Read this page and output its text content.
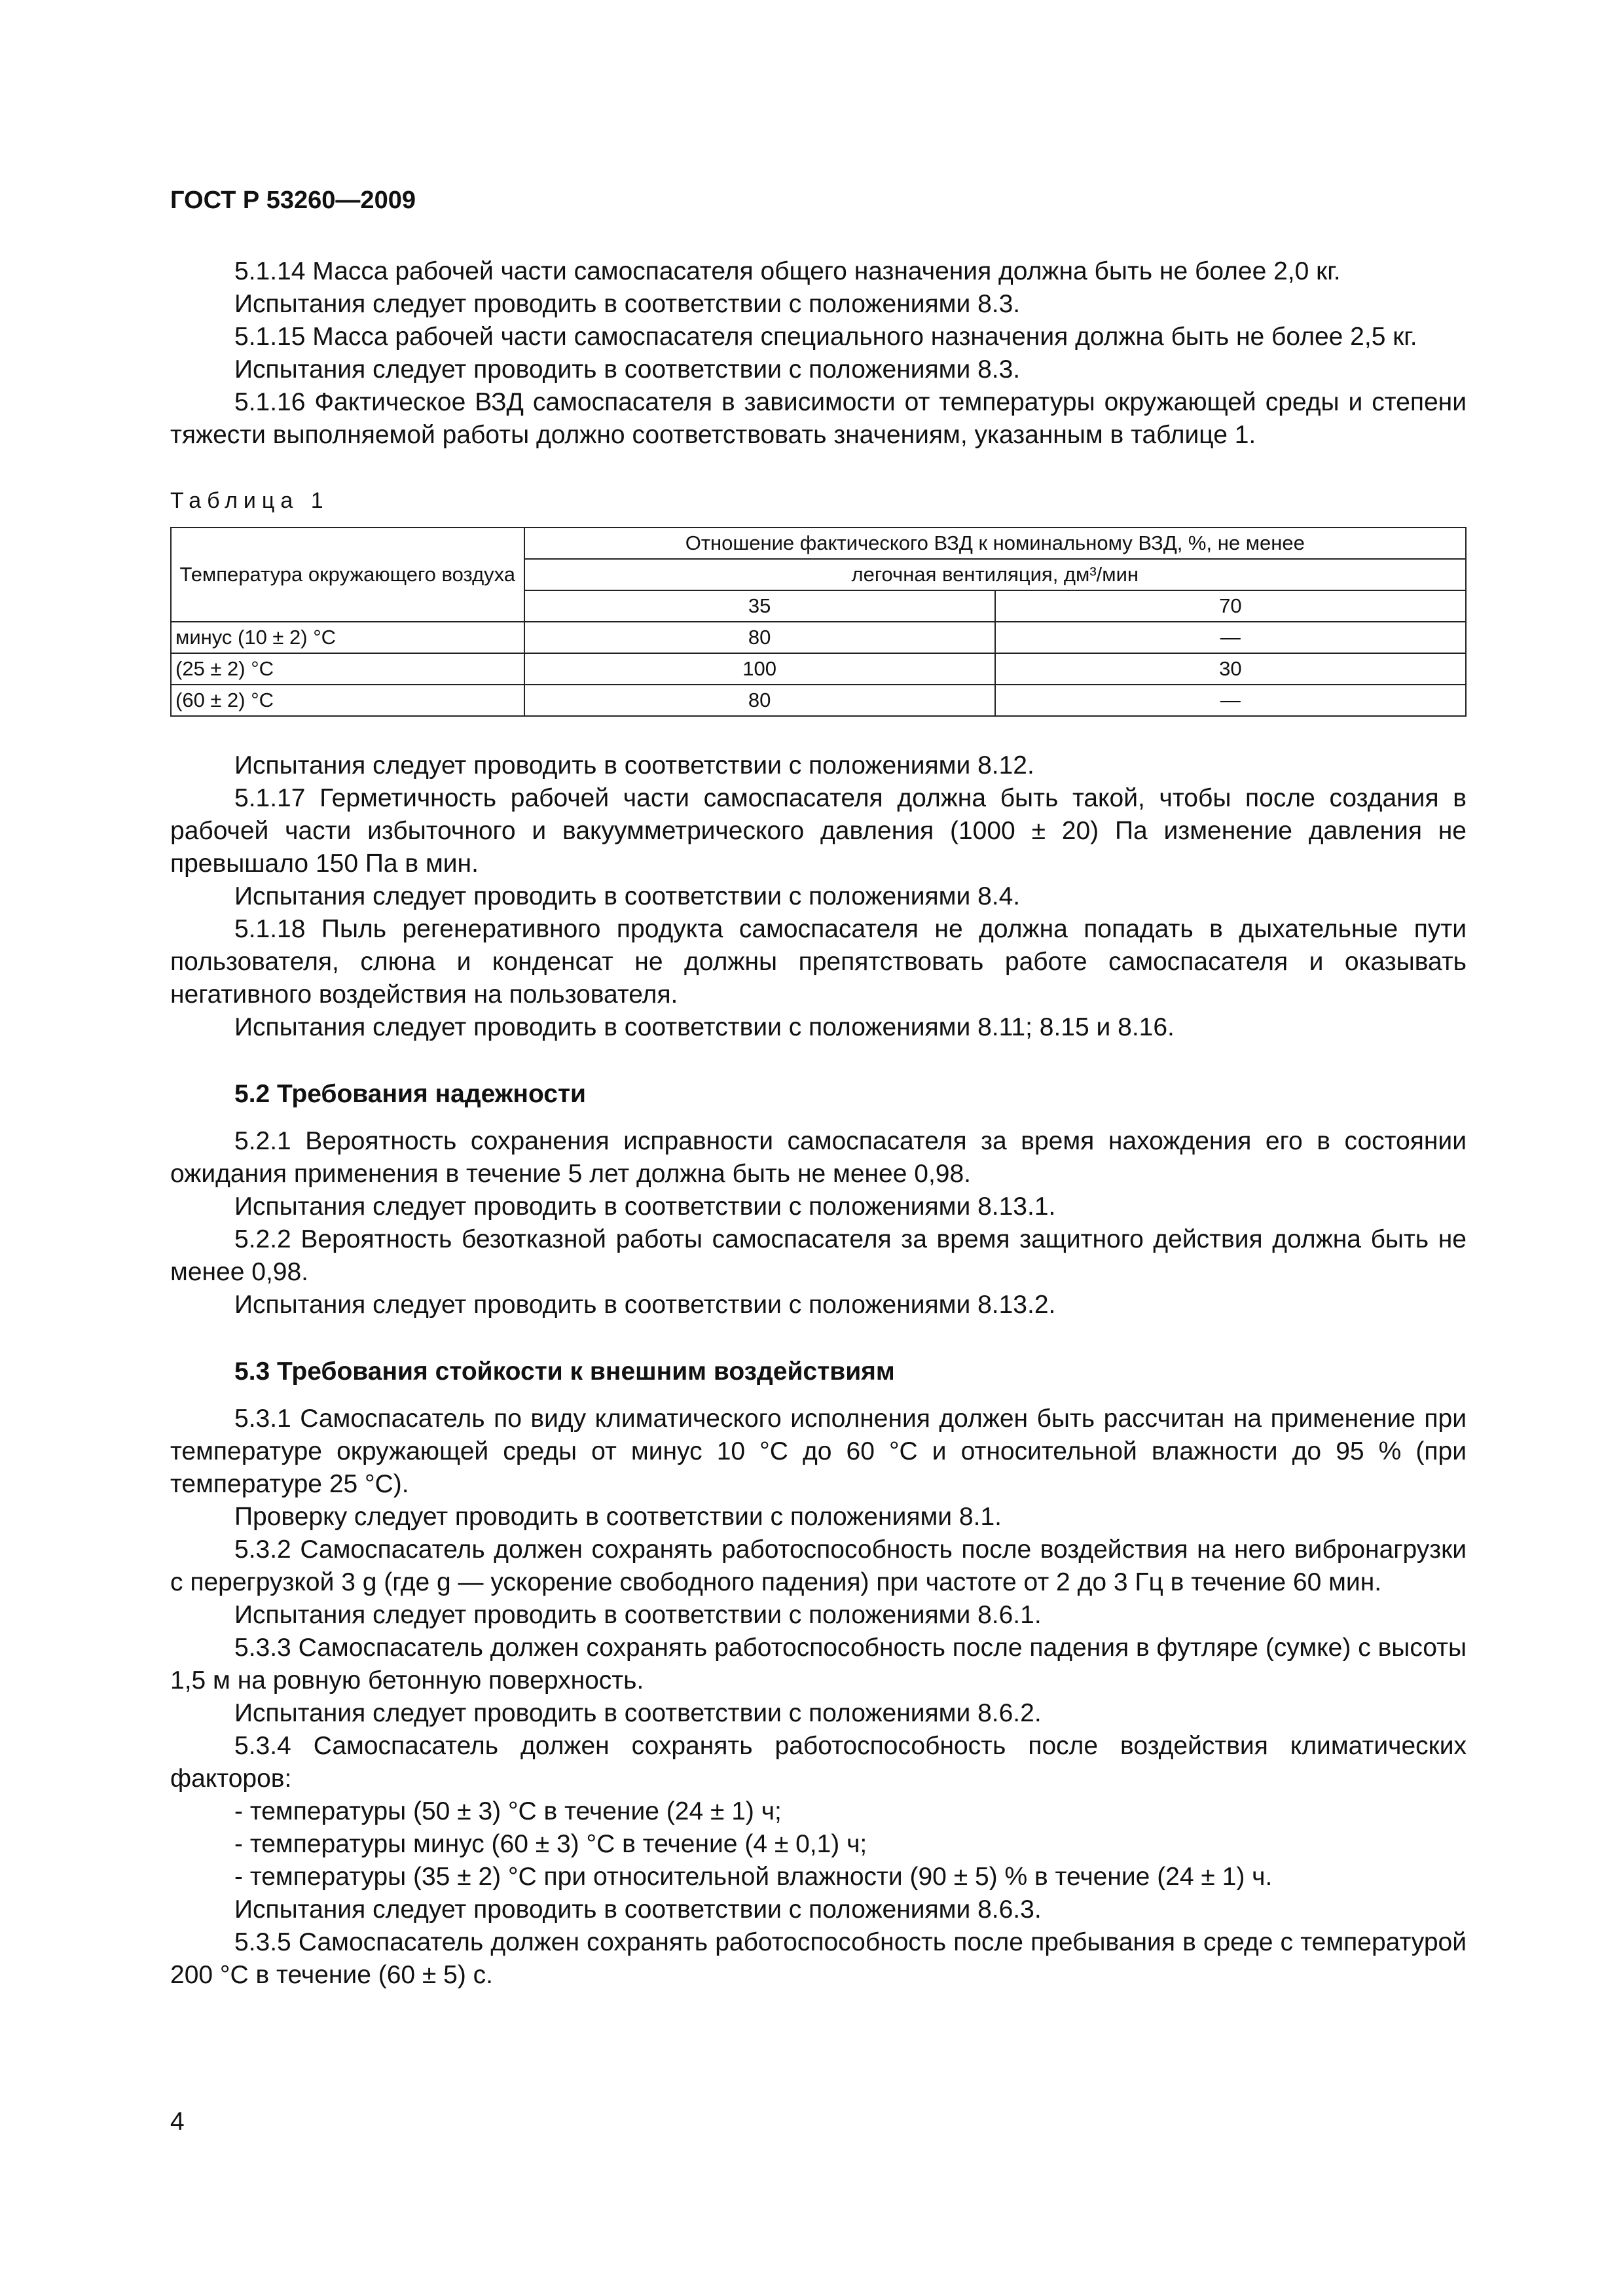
ГОСТ Р 53260—2009

5.1.14 Масса рабочей части самоспасателя общего назначения должна быть не более 2,0 кг.

Испытания следует проводить в соответствии с положениями 8.3.

5.1.15 Масса рабочей части самоспасателя специального назначения должна быть не более 2,5 кг.

Испытания следует проводить в соответствии с положениями 8.3.

5.1.16 Фактическое ВЗД самоспасателя в зависимости от температуры окружающей среды и степени тяжести выполняемой работы должно соответствовать значениям, указанным в таблице 1.

Таблица 1
Температура окружающего воздуха	Отношение фактического ВЗД к номинальному ВЗД, %, не менее	
	легочная вентиляция, дм³/мин	
	35	70
минус (10 ± 2) °С	80	—
(25 ± 2) °С	100	30
(60 ± 2) °С	80	—

Испытания следует проводить в соответствии с положениями 8.12.

5.1.17 Герметичность рабочей части самоспасателя должна быть такой, чтобы после создания в рабочей части избыточного и вакуумметрического давления (1000 ± 20) Па изменение давления не превышало 150 Па в мин.

Испытания следует проводить в соответствии с положениями 8.4.

5.1.18 Пыль регенеративного продукта самоспасателя не должна попадать в дыхательные пути пользователя, слюна и конденсат не должны препятствовать работе самоспасателя и оказывать негативного воздействия на пользователя.

Испытания следует проводить в соответствии с положениями 8.11; 8.15 и 8.16.

5.2 Требования надежности

5.2.1 Вероятность сохранения исправности самоспасателя за время нахождения его в состоянии ожидания применения в течение 5 лет должна быть не менее 0,98.

Испытания следует проводить в соответствии с положениями 8.13.1.

5.2.2 Вероятность безотказной работы самоспасателя за время защитного действия должна быть не менее 0,98.

Испытания следует проводить в соответствии с положениями 8.13.2.

5.3 Требования стойкости к внешним воздействиям

5.3.1 Самоспасатель по виду климатического исполнения должен быть рассчитан на применение при температуре окружающей среды от минус 10 °С до 60 °С и относительной влажности до 95 % (при температуре 25 °С).

Проверку следует проводить в соответствии с положениями 8.1.

5.3.2 Самоспасатель должен сохранять работоспособность после воздействия на него вибронагрузки с перегрузкой 3 g (где g — ускорение свободного падения) при частоте от 2 до 3 Гц в течение 60 мин.

Испытания следует проводить в соответствии с положениями 8.6.1.

5.3.3 Самоспасатель должен сохранять работоспособность после падения в футляре (сумке) с высоты 1,5 м на ровную бетонную поверхность.

Испытания следует проводить в соответствии с положениями 8.6.2.

5.3.4 Самоспасатель должен сохранять работоспособность после воздействия климатических факторов:

- температуры (50 ± 3) °С в течение (24 ± 1) ч;

- температуры минус (60 ± 3) °С в течение (4 ± 0,1) ч;

- температуры (35 ± 2) °С при относительной влажности (90 ± 5) % в течение (24 ± 1) ч.

Испытания следует проводить в соответствии с положениями 8.6.3.

5.3.5 Самоспасатель должен сохранять работоспособность после пребывания в среде с температурой 200 °С в течение (60 ± 5) с.

4
